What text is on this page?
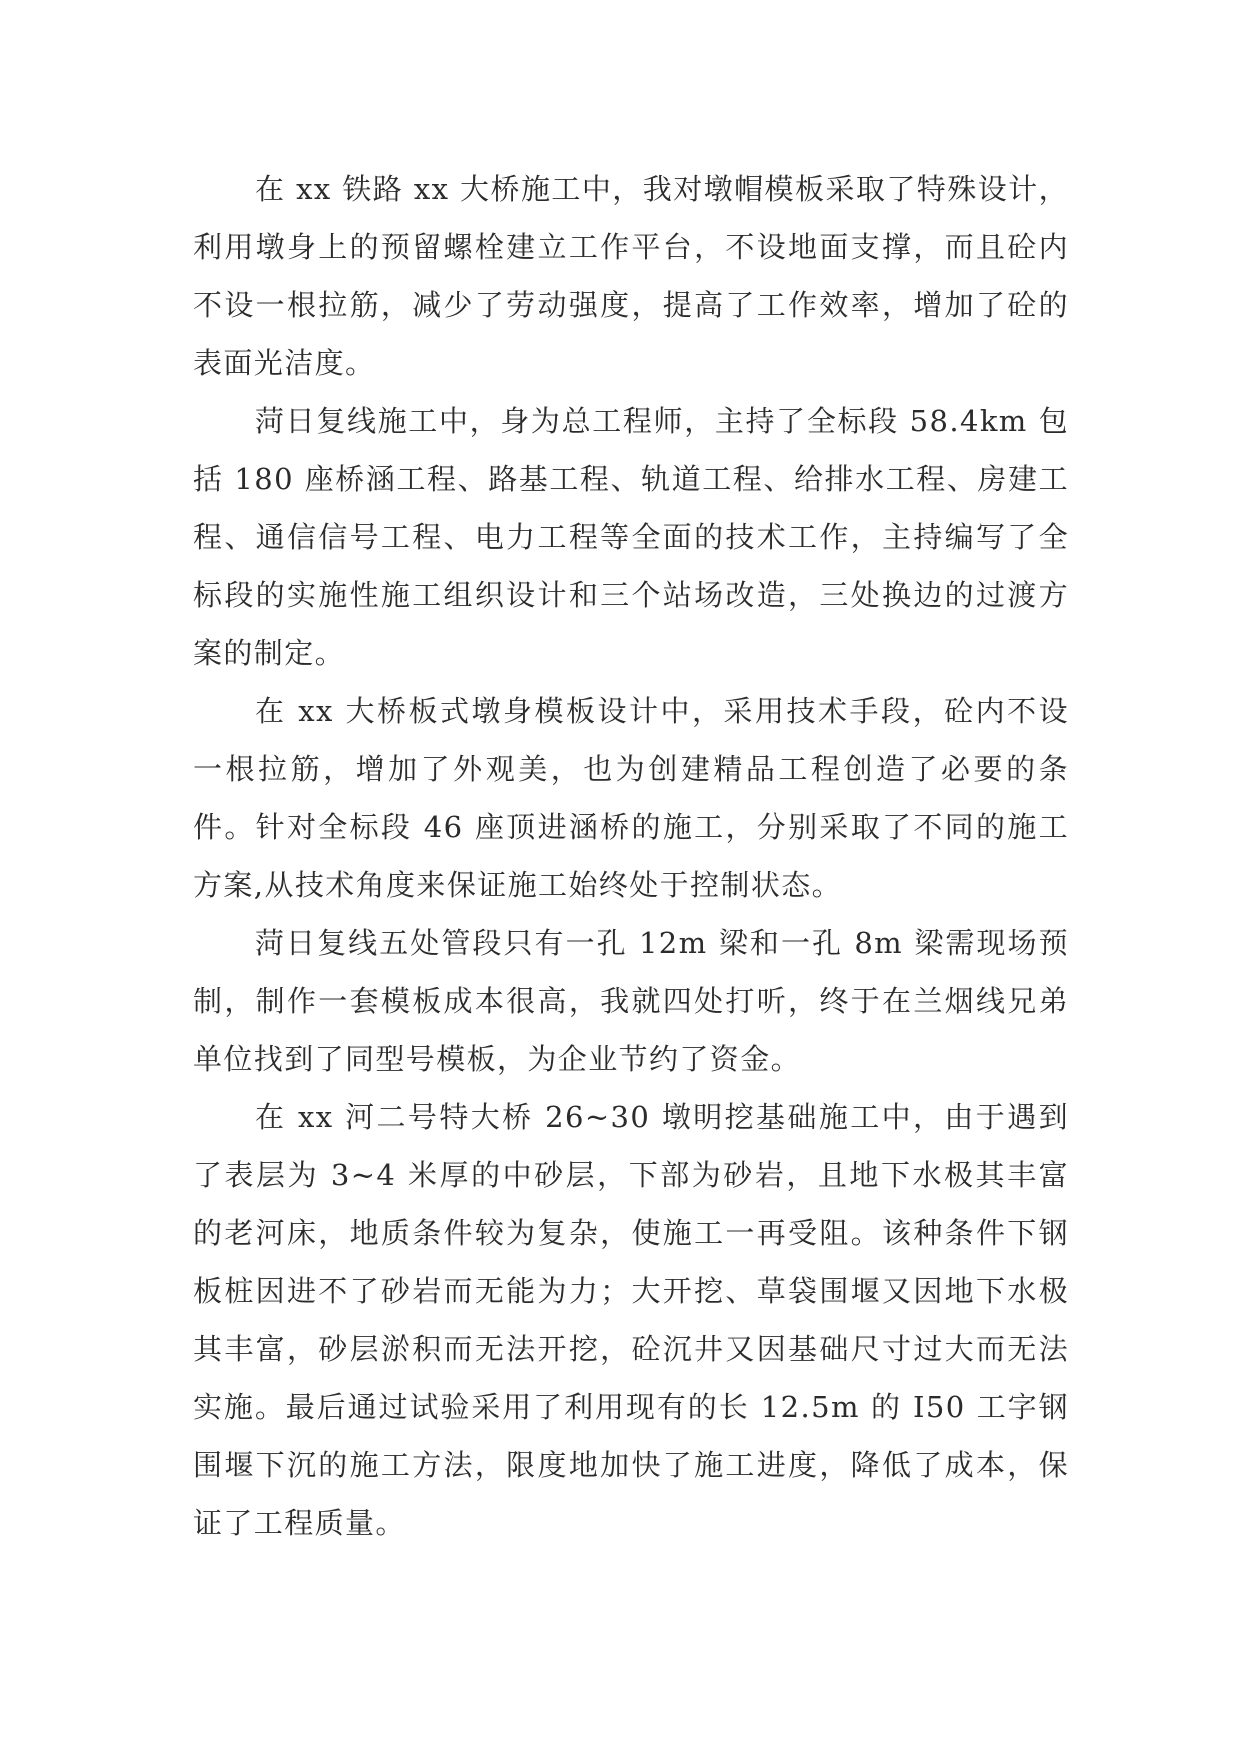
在 xx 铁路 xx 大桥施工中，我对墩帽模板采取了特殊设计，利用墩身上的预留螺栓建立工作平台，不设地面支撑，而且砼内不设一根拉筋，减少了劳动强度，提高了工作效率，增加了砼的表面光洁度。

菏日复线施工中，身为总工程师，主持了全标段 58.4km 包括 180 座桥涵工程、路基工程、轨道工程、给排水工程、房建工程、通信信号工程、电力工程等全面的技术工作，主持编写了全标段的实施性施工组织设计和三个站场改造，三处换边的过渡方案的制定。

在 xx 大桥板式墩身模板设计中，采用技术手段，砼内不设一根拉筋，增加了外观美，也为创建精品工程创造了必要的条件。针对全标段 46 座顶进涵桥的施工，分别采取了不同的施工方案,从技术角度来保证施工始终处于控制状态。

菏日复线五处管段只有一孔 12m 梁和一孔 8m 梁需现场预制，制作一套模板成本很高，我就四处打听，终于在兰烟线兄弟单位找到了同型号模板，为企业节约了资金。

在 xx 河二号特大桥 26~30 墩明挖基础施工中，由于遇到了表层为 3~4 米厚的中砂层，下部为砂岩，且地下水极其丰富的老河床，地质条件较为复杂，使施工一再受阻。该种条件下钢板桩因进不了砂岩而无能为力；大开挖、草袋围堰又因地下水极其丰富，砂层淤积而无法开挖，砼沉井又因基础尺寸过大而无法实施。最后通过试验采用了利用现有的长 12.5m 的 I50 工字钢围堰下沉的施工方法，限度地加快了施工进度，降低了成本，保证了工程质量。
